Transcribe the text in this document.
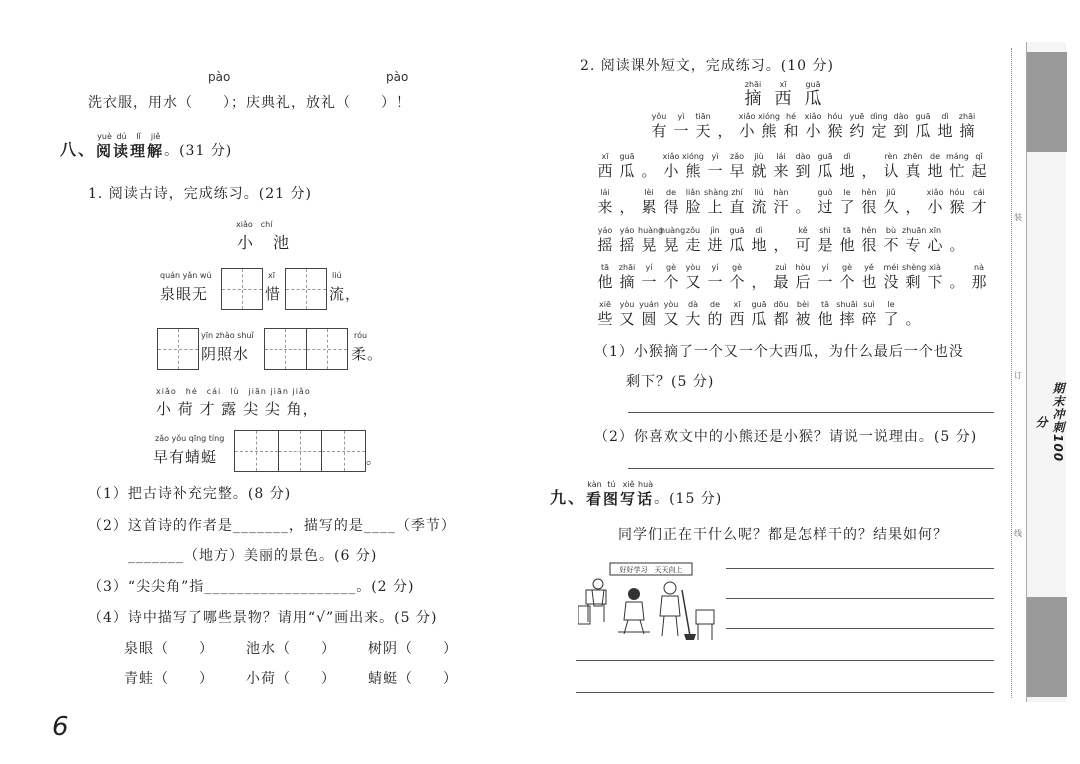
pào	pào
洗衣服，用水（　　）；庆典礼，放礼（　　）！
八、
yuè
阅
dú
读
lǐ
理
jiě
解 。(31 分)
1. 阅读古诗，完成练习。(21 分)
xiǎo　chí
小　池
quán yǎn wú
泉眼无
xī
惜
liú
流，
yīn zhào shuǐ
阴照水
róu
柔。
xiǎo　hé　cái　lù　jiān jiān jiǎo
小 荷 才 露 尖 尖 角，
zǎo yǒu qīng tíng
早有蜻蜓	。
（1）把古诗补充完整。(8 分)
（2）这首诗的作者是_______，描写的是____（季节）
_______（地方）美丽的景色。(6 分)
（3）“尖尖角”指___________________。(2 分)
（4）诗中描写了哪些景物？请用“√”画出来。(5 分)
泉眼（　　） 池水（　　） 树阴（　　）
青蛙（　　） 小荷（　　） 蜻蜓（　　）
6
2. 阅读课外短文，完成练习。(10 分)
zhāi
摘
xī
西
guā
瓜
yǒu
有
yì
一
tiān
天 ，
xiǎo
小
xióng
熊
hé
和
xiǎo
小
hóu
猴
yuē
约
dìng
定
dào
到
guā
瓜
dì
地
zhāi
摘
xī
西
guā
瓜 。
xiǎo
小
xióng
熊
yì
一
zǎo
早
jiù
就
lái
来
dào
到
guā
瓜
dì
地 ，
rèn
认
zhēn
真
de
地
máng
忙
qǐ
起
lái
来 ，
lèi
累
de
得
liǎn
脸
shàng
上
zhí
直
liú
流
hàn
汗 。
guò
过
le
了
hěn
很
jiǔ
久 ，
xiǎo
小
hóu
猴
cái
才
yáo
摇
yáo
摇
huàng
晃
huàng
晃
zǒu
走
jìn
进
guā
瓜
dì
地 ，
kě
可
shì
是
tā
他
hěn
很
bù
不
zhuān
专
xīn
心 。
tā
他
zhāi
摘
yí
一
gè
个
yòu
又
yí
一
gè
个 ，
zuì
最
hòu
后
yí
一
gè
个
yě
也
méi
没
shèng
剩
xià
下 。
nà
那
xiē
些
yòu
又
yuán
圆
yòu
又
dà
大
de
的
xī
西
guā
瓜
dōu
都
bèi
被
tā
他
shuāi
摔
suì
碎
le
了 。
（1）小猴摘了一个又一个大西瓜，为什么最后一个也没
剩下？(5 分)
（2）你喜欢文中的小熊还是小猴？请说一说理由。(5 分)
九、
kàn
看
tú
图
xiě
写
huà
话 。(15 分)
同学们正在干什么呢？都是怎样干的？结果如何？
好好学习　天天向上
装
订
线
期末冲刺100分
